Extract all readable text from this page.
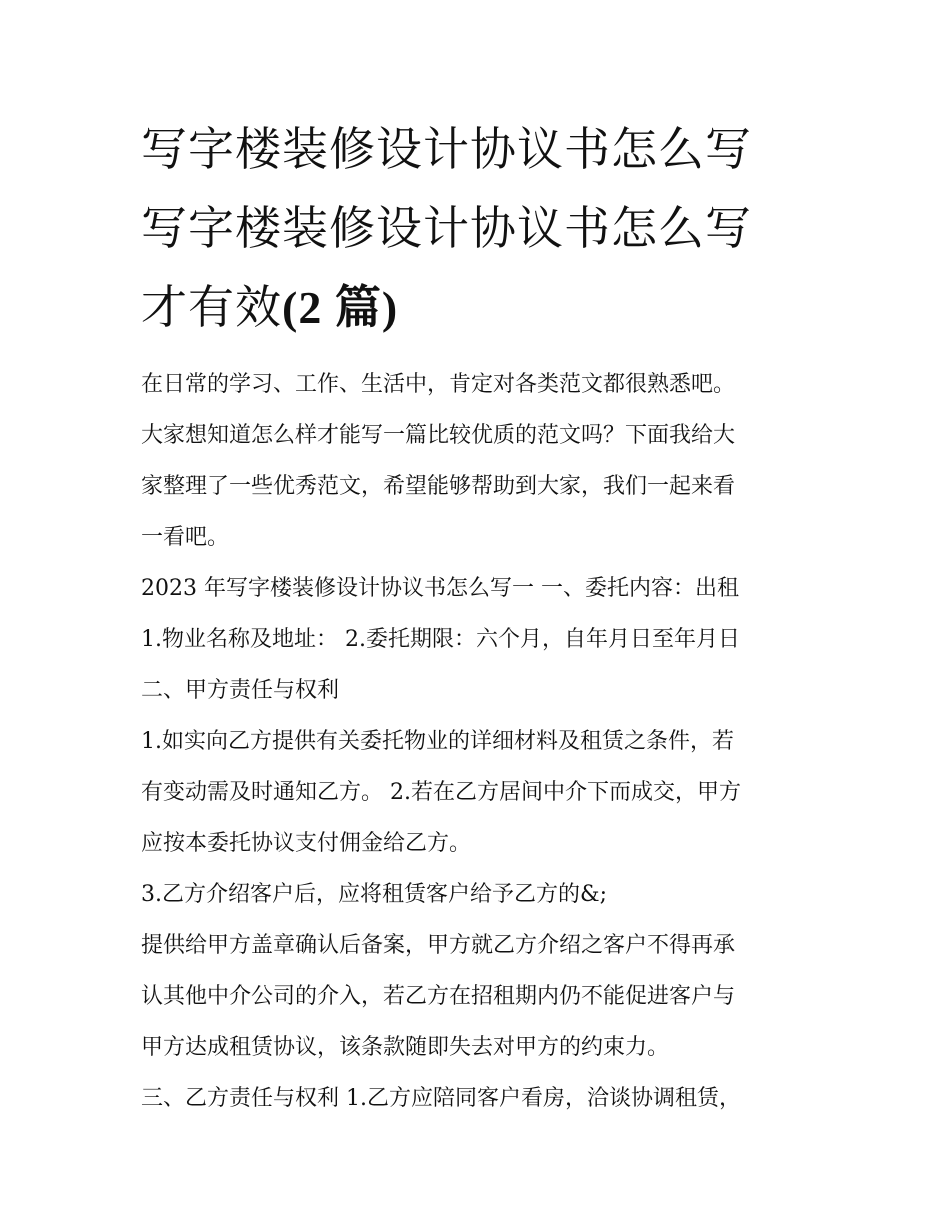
写字楼装修设计协议书怎么写
写字楼装修设计协议书怎么写
才有效(2 篇)
在日常的学习、工作、生活中，肯定对各类范文都很熟悉吧。
大家想知道怎么样才能写一篇比较优质的范文吗？下面我给大
家整理了一些优秀范文，希望能够帮助到大家，我们一起来看
一看吧。
2023 年写字楼装修设计协议书怎么写一 一、委托内容：出租
1.物业名称及地址： 2.委托期限：六个月，自年月日至年月日
二、甲方责任与权利
1.如实向乙方提供有关委托物业的详细材料及租赁之条件，若
有变动需及时通知乙方。 2.若在乙方居间中介下而成交，甲方
应按本委托协议支付佣金给乙方。
3.乙方介绍客户后，应将租赁客户给予乙方的&;
提供给甲方盖章确认后备案，甲方就乙方介绍之客户不得再承
认其他中介公司的介入，若乙方在招租期内仍不能促进客户与
甲方达成租赁协议，该条款随即失去对甲方的约束力。
三、乙方责任与权利 1.乙方应陪同客户看房，洽谈协调租赁，
